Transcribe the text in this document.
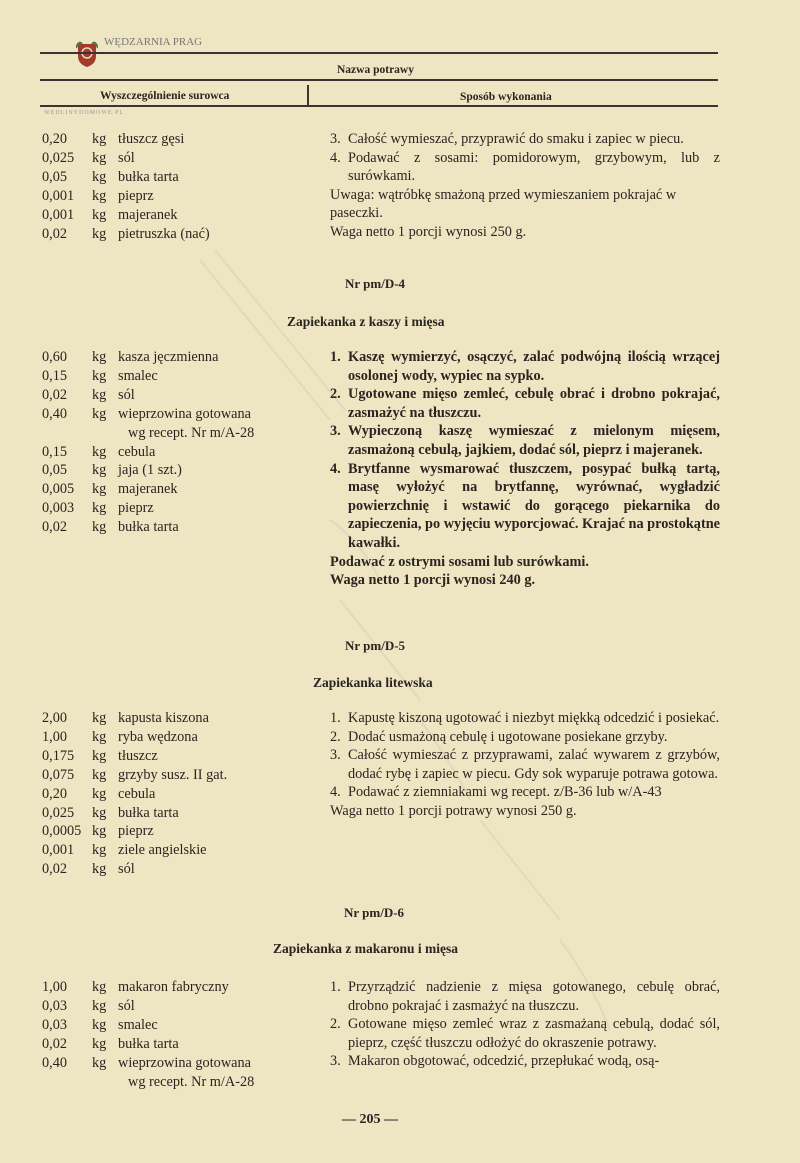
WĘDZARNIA PRAG
WEDLINYDOMOWE.PL
Nazwa potrawy
Wyszczególnienie surowca	Sposób wykonania
0,20	kg tłuszcz gęsi
0,025	kg sól
0,05	kg bułka tarta
0,001	kg pieprz
0,001	kg majeranek
0,02	kg pietruszka (nać)
3. Całość wymieszać, przyprawić do smaku i zapiec w piecu.
4. Podawać z sosami: pomidorowym, grzybowym, lub z surówkami.
Uwaga: wątróbkę smażoną przed wymieszaniem pokrajać w paseczki.
Waga netto 1 porcji wynosi 250 g.
Nr pm/D-4
Zapiekanka z kaszy i mięsa
0,60	kg kasza jęczmienna
0,15	kg smalec
0,02	kg sól
0,40	kg wieprzowina gotowana
wg recept. Nr m/A-28
0,15	kg cebula
0,05	kg jaja (1 szt.)
0,005	kg majeranek
0,003	kg pieprz
0,02	kg bułka tarta
1. Kaszę wymierzyć, osączyć, zalać podwójną ilością wrzącej osolonej wody, wypiec na sypko.
2. Ugotowane mięso zemleć, cebulę obrać i drobno pokrajać, zasmażyć na tłuszczu.
3. Wypieczoną kaszę wymieszać z mielonym mięsem, zasmażoną cebulą, jajkiem, dodać sól, pieprz i majeranek.
4. Brytfanne wysmarować tłuszczem, posypać bułką tartą, masę wyłożyć na brytfannę, wyrównać, wygładzić powierzchnię i wstawić do gorącego piekarnika do zapieczenia, po wyjęciu wyporcjować. Krajać na prostokątne kawałki.
Podawać z ostrymi sosami lub surówkami.
Waga netto 1 porcji wynosi 240 g.
Nr pm/D-5
Zapiekanka litewska
2,00	kg kapusta kiszona
1,00	kg ryba wędzona
0,175	kg tłuszcz
0,075	kg grzyby susz. II gat.
0,20	kg cebula
0,025	kg bułka tarta
0,0005 kg pieprz
0,001	kg ziele angielskie
0,02	kg sól
1. Kapustę kiszoną ugotować i niezbyt miękką odcedzić i posiekać.
2. Dodać usmażoną cebulę i ugotowane posiekane grzyby.
3. Całość wymieszać z przyprawami, zalać wywarem z grzybów, dodać rybę i zapiec w piecu. Gdy sok wyparuje potrawa gotowa.
4. Podawać z ziemniakami wg recept. z/B-36 lub w/A-43
Waga netto 1 porcji potrawy wynosi 250 g.
Nr pm/D-6
Zapiekanka z makaronu i mięsa
1,00	kg makaron fabryczny
0,03	kg sól
0,03	kg smalec
0,02	kg bułka tarta
0,40	kg wieprzowina gotowana
wg recept. Nr m/A-28
1. Przyrządzić nadzienie z mięsa gotowanego, cebulę obrać, drobno pokrajać i zasmażyć na tłuszczu.
2. Gotowane mięso zemleć wraz z zasmażaną cebulą, dodać sól, pieprz, część tłuszczu odłożyć do okraszenie potrawy.
3. Makaron obgotować, odcedzić, przepłukać wodą, osą-
— 205 —
